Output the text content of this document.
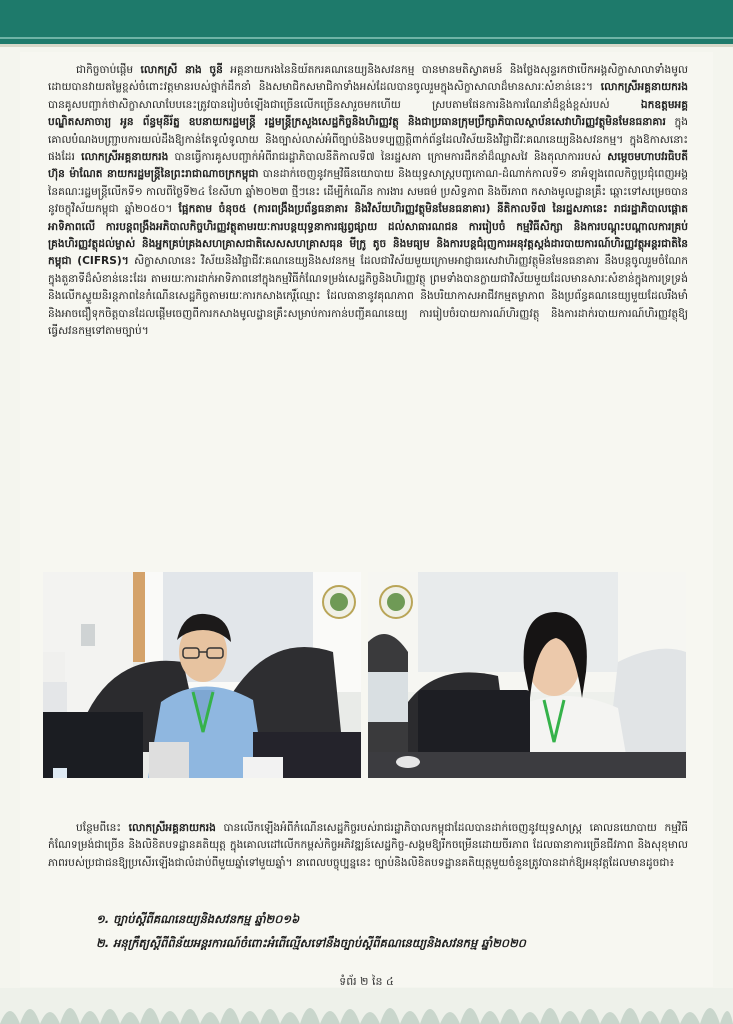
ជាកិច្ចចាប់ផ្តើម លោកស្រី នាង ចូនី អគ្គនាយករងនៃនិយ័តករគណនេយ្យនិងសវនកម្ម បានមានមតិស្វាគមន៍ និងថ្លែងសុន្ទរកថាបើកអង្គសិក្ខាសាលាទាំងមូល ដោយបានវាយតម្លៃខ្ពស់ចំពោះវត្តមានរបស់ថ្នាក់ដឹកនាំ និងសមាជិកសមាជិកាទាំងអស់ដែលបានចូលរួមក្នុងសិក្ខាសាលាដ៏មានសារៈសំខាន់នេះ។ លោកស្រីអគ្គនាយករង បានគូសបញ្ជាក់ថាសិក្ខាសាលាបែបនេះត្រូវបានរៀបចំឡើងជាច្រើនលើកច្រើនសារួចមកហើយ ស្របតាមផែនការនិងការណែនាំដ៏ខ្ពង់ខ្ពស់របស់ ឯកឧត្តមអគ្គបណ្ឌិតសភាចារ្យ អូន ព័ន្ធមុនីរ័ត្ន ឧបនាយករដ្ឋមន្ត្រី រដ្ឋមន្ត្រីក្រសួងសេដ្ឋកិច្ចនិងហិរញ្ញវត្ថុ និងជាប្រធានក្រុមប្រឹក្សាភិបាលស្ថាប័នសេវាហិរញ្ញវត្ថុមិនមែនធនាគារ ក្នុងគោលបំណងបញ្ជ្រាបការយល់ដឹងឱ្យកាន់តែទូលំទូលាយ និងច្បាស់លាស់អំពីច្បាប់និងបទប្បញ្ញត្តិពាក់ព័ន្ធដែលវិស័យនិងវិជ្ជាជីវៈគណនេយ្យនិងសវនកម្ម។ ក្នុងឱកាសនោះផងដែរ លោកស្រីអគ្គនាយករង បានធ្វើការគូសបញ្ជាក់អំពីរាជរដ្ឋាភិបាលនីតិកាលទី៧ នៃរដ្ឋសភា ក្រោមការដឹកនាំដ៏ឈ្លាសវៃ និងតុលាការរបស់ សម្តេចមហាបវរធិបតី ហ៊ុន ម៉ាណែត នាយករដ្ឋមន្ត្រីនៃព្រះរាជាណាចក្រកម្ពុជា បានដាក់ចេញនូវកម្មវិធីនយោបាយ និងយុទ្ធសាស្ត្របញ្ចកោណ-ដំណាក់កាលទី១ នាអំឡុងពេលកិច្ចប្រជុំពេញអង្គនៃគណៈរដ្ឋមន្ត្រីលើកទី១ កាលពីថ្ងៃទី២៤ ខែសីហា ឆ្នាំ២០២៣ ថ្មីៗនេះ ដើម្បីកំណើន ការងារ សមធម៌ ប្រសិទ្ធភាព និងចីរភាព កសាងមូលដ្ឋានគ្រឹះ ឆ្ពោះទៅសម្រេចបាននូវចក្ខុវិស័យកម្ពុជា ឆ្នាំ២០៥០។ ផ្អែកតាម ចំនុច៥ (ការពង្រឹងប្រព័ន្ធធនាគារ និងវិស័យហិរញ្ញវត្ថុមិនមែនធនាគារ) នីតិកាលទី៧ នៃរដ្ឋសភានេះ រាជរដ្ឋាភិបាលផ្តោតអាទិភាពលើ ការបន្តពង្រឹងអភិបាលកិច្ចហិរញ្ញវត្ថុតាមរយៈការបន្តយុទ្ធនាការផ្សព្វផ្សាយ ដល់សាធារណជន ការរៀបចំ កម្មវិធីសិក្សា និងការបណ្តុះបណ្តាលការគ្រប់គ្រងហិរញ្ញវត្ថុដល់ម្ចាស់ និងអ្នកគ្រប់គ្រងសហគ្រាសជាតិសេសសហគ្រាសធុន មីក្រូ តូច និងមធ្យម និងការបន្តជំរុញការអនុវត្តស្តង់ដារបាយការណ៍ហិរញ្ញវត្ថុអន្តរជាតិនៃកម្ពុជា (CIFRS)។ សិក្ខាសាលានេះ វិស័យនិងវិជ្ជាជីវៈគណនេយ្យនិងសវនកម្ម ដែលជាវិស័យមួយក្រោមអាជ្ញាធរសេវាហិរញ្ញវត្ថុមិនមែនធនាគារ នឹងបន្តចូលរួមចំណែកក្នុងតួនាទីដ៏សំខាន់នេះដែរ តាមរយៈការដាក់អាទិភាពនៅក្នុងកម្មវិធីកំណែទម្រង់សេដ្ឋកិច្ចនិងហិរញ្ញវត្ថុ ព្រមទាំងបានក្លាយជាវិស័យមួយដែលមានសារៈសំខាន់ក្នុងការទ្រទ្រង់ និងលើកស្ទួយនិរន្តភាពនៃកំណើនសេដ្ឋកិច្ចតាមរយៈការកសាងកេរ្តិ៍ឈ្មោះ ដែលធានានូវគុណភាព និងបរិយាកាសអាជីវកម្មតម្លាភាព និងប្រព័ន្ធគណនេយ្យមួយដែលរឹងមាំនិងអាចជឿទុកចិត្តបានដែលផ្តើមចេញពីការកសាងមូលដ្ឋានគ្រឹះសម្រាប់ការកាន់បញ្ជីគណនេយ្យ ការរៀបចំរបាយការណ៍ហិរញ្ញវត្ថុ និងការដាក់របាយការណ៍ហិរញ្ញវត្ថុឱ្យធ្វើសវនកម្មទៅតាមច្បាប់។
បន្ថែមពីនេះ លោកស្រីអគ្គនាយករង បានលើកឡើងអំពីកំណើនសេដ្ឋកិច្ចរបស់រាជរដ្ឋាភិបាលកម្ពុជាដែលបានដាក់ចេញនូវយុទ្ធសាស្ត្រ គោលនយោបាយ កម្មវិធីកំណែទម្រង់ជាច្រើន និងលិខិតបទដ្ឋានគតិយុត្ត ក្នុងគោលដៅលើកកម្ពស់កិច្ចអភិវឌ្ឍន៍សេដ្ឋកិច្ច-សង្គមឱ្យរីកចម្រើនដោយចីរភាព ដែលធានាការច្រើនជីវភាព និងសុខុមាលភាពរបស់ប្រជាជនឱ្យប្រសើរឡើងជាលំដាប់ពីមួយឆ្នាំទៅមួយឆ្នាំ។ នាពេលបច្ចុប្បន្ននេះ ច្បាប់និងលិខិតបទដ្ឋានគតិយុត្តមួយចំនួនត្រូវបានដាក់ឱ្យអនុវត្តដែលមានដូចជា៖
១. ច្បាប់ស្តីពីគណនេយ្យនិងសវនកម្ម ឆ្នាំ២០១៦
២. អនុក្រឹត្យស្តីពីពិន័យអន្តរការណ៍ចំពោះអំពើល្មើសទៅនឹងច្បាប់ស្តីពីគណនេយ្យនិងសវនកម្ម ឆ្នាំ២០២០
ទំព័រ ២ នៃ ៤
